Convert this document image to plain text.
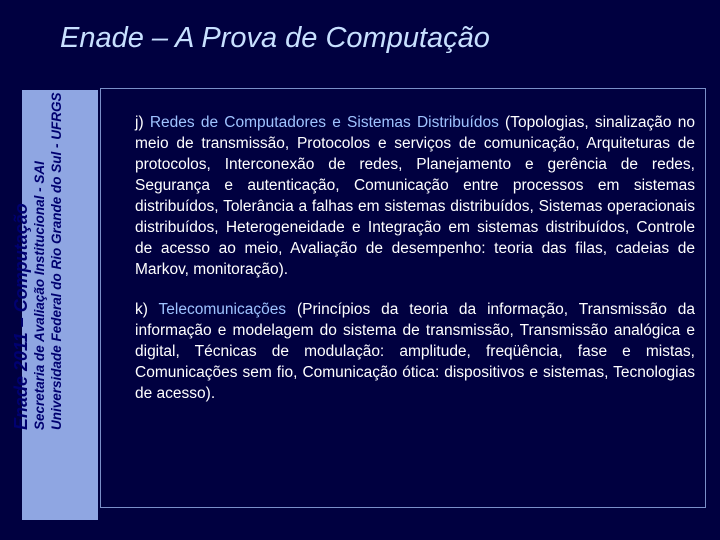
Enade – A Prova de Computação
Enade 2011 – Computação Secretaria de Avaliação Institucional - SAI Universidade Federal do Rio Grande do Sul - UFRGS	j) Redes de Computadores e Sistemas Distribuídos (Topologias, sinalização no meio de transmissão, Protocolos e serviços de comunicação, Arquiteturas de protocolos, Interconexão de redes, Planejamento e gerência de redes, Segurança e autenticação, Comunicação entre processos em sistemas distribuídos, Tolerância a falhas em sistemas distribuídos, Sistemas operacionais distribuídos, Heterogeneidade e Integração em sistemas distribuídos, Controle de acesso ao meio, Avaliação de desempenho: teoria das filas, cadeias de Markov, monitoração).

k) Telecomunicações (Princípios da teoria da informação, Transmissão da informação e modelagem do sistema de transmissão, Transmissão analógica e digital, Técnicas de modulação: amplitude, freqüência, fase e mistas, Comunicações sem fio, Comunicação ótica: dispositivos e sistemas, Tecnologias de acesso).
